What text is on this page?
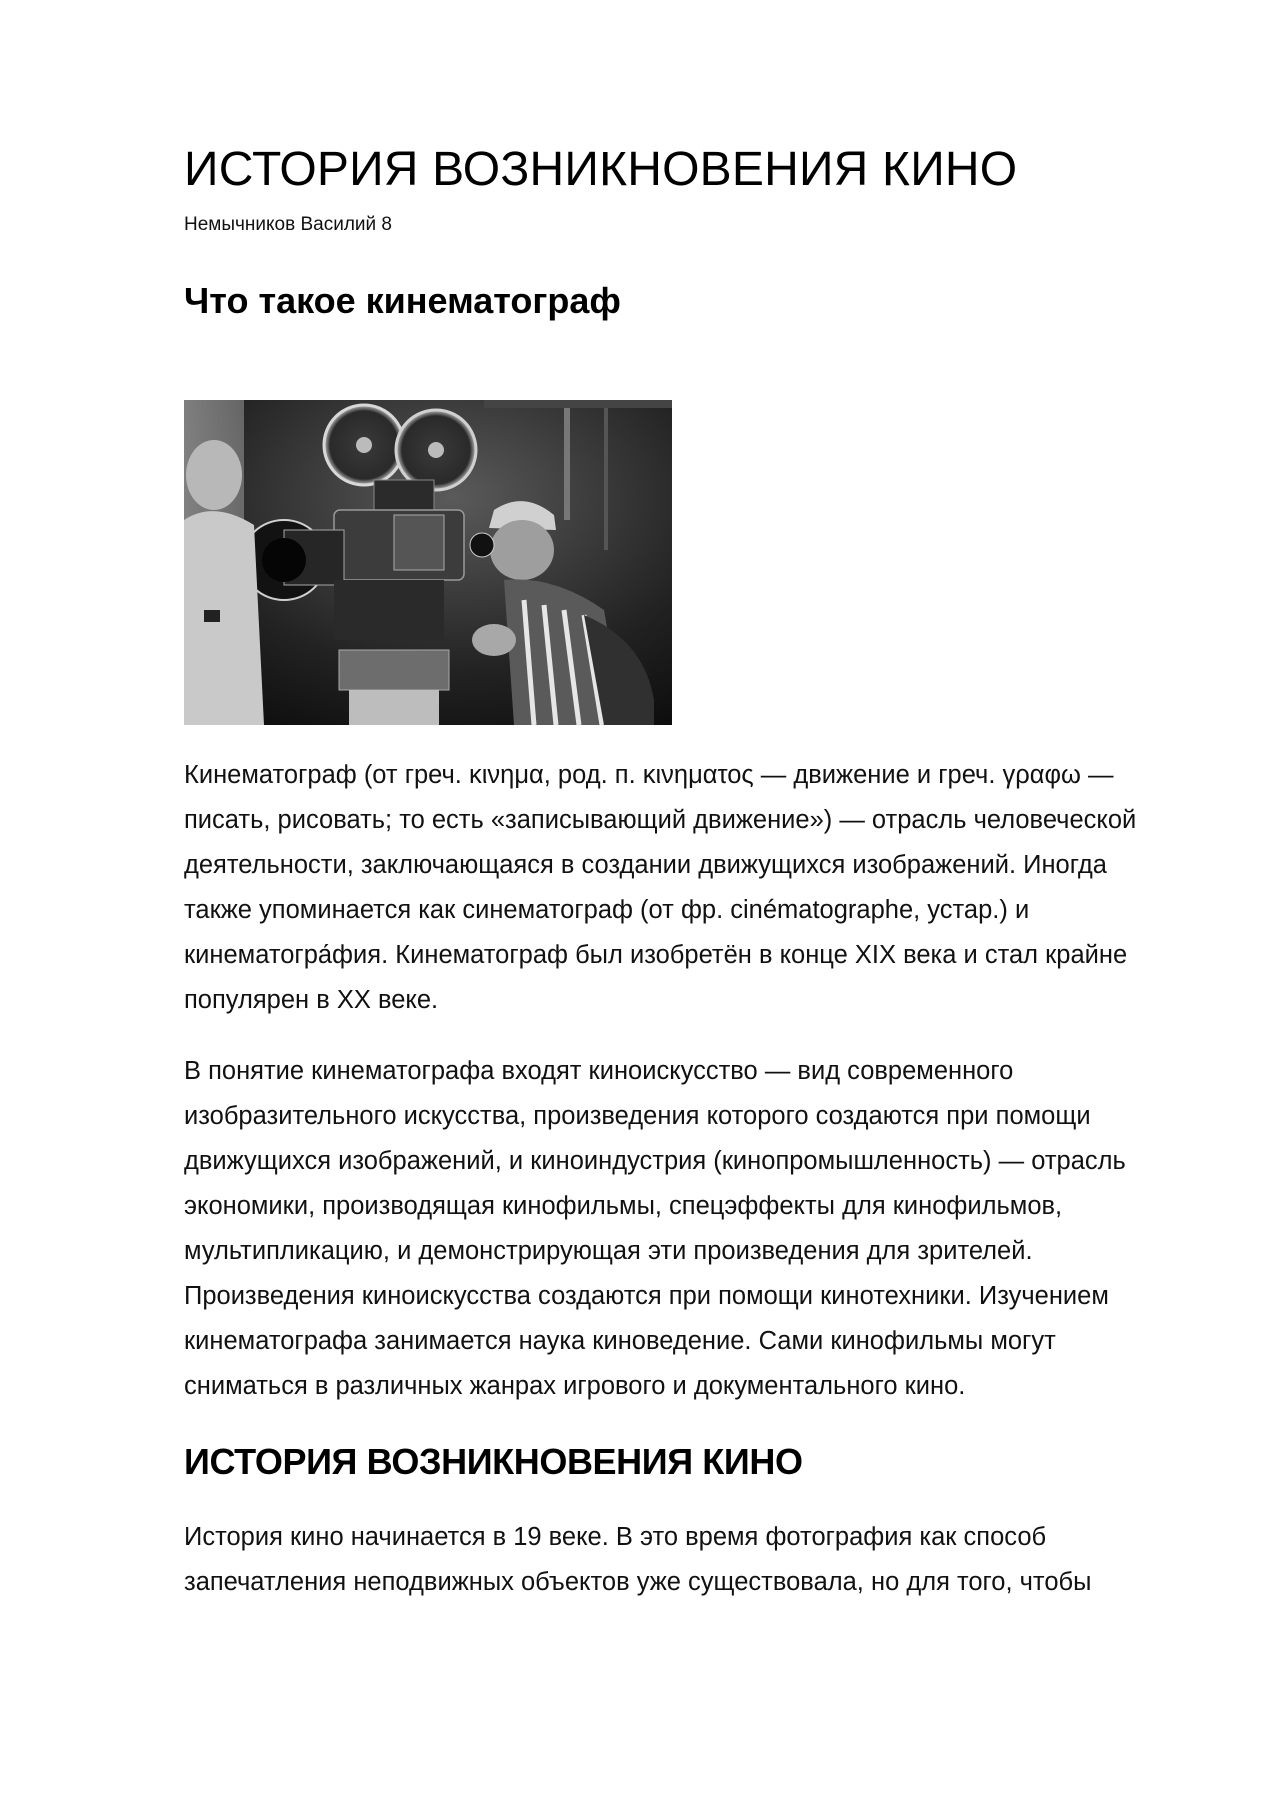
ИСТОРИЯ ВОЗНИКНОВЕНИЯ КИНО
Немычников Василий 8
Что такое кинематограф

Кинематограф (от греч. κινημα, род. п. κινηματος — движение и греч. γραφω — писать, рисовать; то есть «записывающий движение») — отрасль человеческой деятельности, заключающаяся в создании движущихся изображений. Иногда также упоминается как синематограф (от фр. cinématographe, устар.) и кинематогра́фия. Кинематограф был изобретён в конце XIX века и стал крайне популярен в XX веке.

В понятие кинематографа входят киноискусство — вид современного изобразительного искусства, произведения которого создаются при помощи движущихся изображений, и киноиндустрия (кинопромышленность) — отрасль экономики, производящая кинофильмы, спецэффекты для кинофильмов, мультипликацию, и демонстрирующая эти произведения для зрителей. Произведения киноискусства создаются при помощи кинотехники. Изучением кинематографа занимается наука киноведение. Сами кинофильмы могут сниматься в различных жанрах игрового и документального кино.

ИСТОРИЯ ВОЗНИКНОВЕНИЯ КИНО

История кино начинается в 19 веке. В это время фотография как способ запечатления неподвижных объектов уже существовала, но для того, чтобы
